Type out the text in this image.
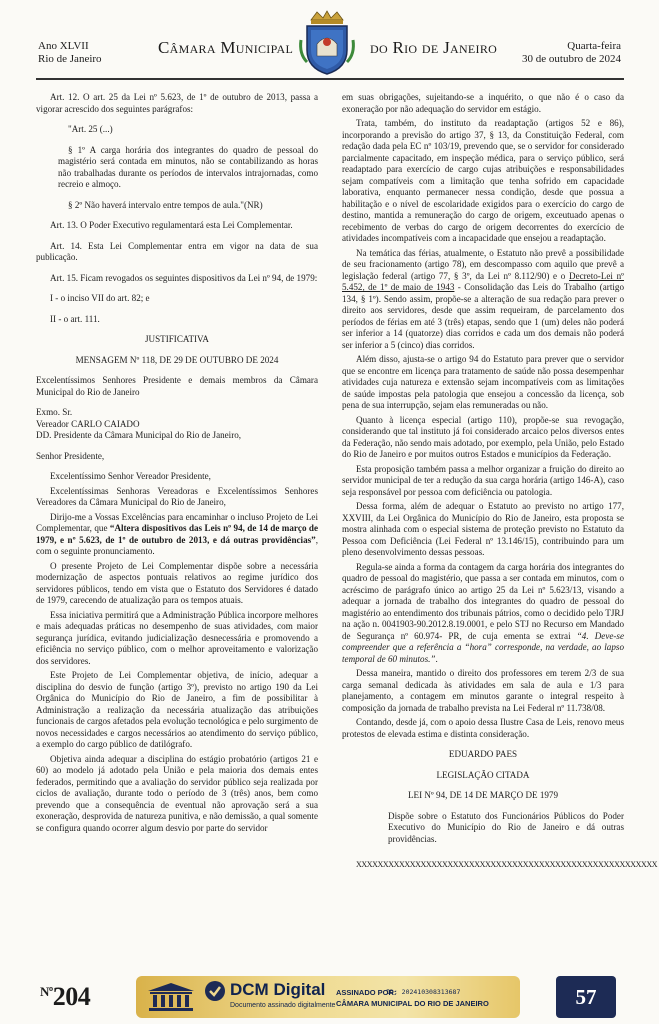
Ano XLVII
Rio de Janeiro
Câmara Municipal	do Rio de Janeiro	Quarta-feira
30 de outubro de 2024

Art. 12. O art. 25 da Lei nº 5.623, de 1º de outubro de 2013, passa a vigorar acrescido dos seguintes parágrafos:

"Art. 25 (...)

§ 1º A carga horária dos integrantes do quadro de pessoal do magistério será contada em minutos, não se contabilizando as horas não trabalhadas durante os períodos de intervalos intrajornadas, como recreio e almoço.

§ 2º Não haverá intervalo entre tempos de aula."(NR)

Art. 13. O Poder Executivo regulamentará esta Lei Complementar.

Art. 14. Esta Lei Complementar entra em vigor na data de sua publicação.

Art. 15. Ficam revogados os seguintes dispositivos da Lei nº 94, de 1979:

I - o inciso VII do art. 82; e

II - o art. 111.

JUSTIFICATIVA

MENSAGEM Nº 118, DE 29 DE OUTUBRO DE 2024

Excelentíssimos Senhores Presidente e demais membros da Câmara Municipal do Rio de Janeiro

Exmo. Sr.

Vereador CARLO CAIADO

DD. Presidente da Câmara Municipal do Rio de Janeiro,

Senhor Presidente,

Excelentíssimo Senhor Vereador Presidente,

Excelentíssimas Senhoras Vereadoras e Excelentíssimos Senhores Vereadores da Câmara Municipal do Rio de Janeiro,

Dirijo-me a Vossas Excelências para encaminhar o incluso Projeto de Lei Complementar, que “Altera dispositivos das Leis nº 94, de 14 de março de 1979, e nº 5.623, de 1º de outubro de 2013, e dá outras providências”, com o seguinte pronunciamento.

O presente Projeto de Lei Complementar dispõe sobre a necessária modernização de aspectos pontuais relativos ao regime jurídico dos servidores públicos, tendo em vista que o Estatuto dos Servidores é datado de 1979, carecendo de atualização para os tempos atuais.

Essa iniciativa permitirá que a Administração Pública incorpore melhores e mais adequadas práticas no desempenho de suas atividades, com maior segurança jurídica, evitando judicialização desnecessária e promovendo a eficiência no serviço público, com o melhor aproveitamento e valorização dos servidores.

Este Projeto de Lei Complementar objetiva, de início, adequar a disciplina do desvio de função (artigo 3º), previsto no artigo 190 da Lei Orgânica do Município do Rio de Janeiro, a fim de possibilitar à Administração a realização da necessária atualização das atribuições funcionais de cargos afetados pela evolução tecnológica e pelo surgimento de novos necessidades e cargos necessários ao atendimento do serviço público, a exemplo do cargo público de datilógrafo.

Objetiva ainda adequar a disciplina do estágio probatório (artigos 21 e 60) ao modelo já adotado pela União e pela maioria dos demais entes federados, permitindo que a avaliação do servidor público seja realizada por ciclos de avaliação, durante todo o período de 3 (três) anos, bem como prevendo que a consequência de eventual não aprovação será a sua exoneração, desprovida de natureza punitiva, e não demissão, a qual somente se configura quando ocorrer algum desvio por parte do servidor

em suas obrigações, sujeitando-se a inquérito, o que não é o caso da exoneração por não adequação do servidor em estágio.

Trata, também, do instituto da readaptação (artigos 52 e 86), incorporando a previsão do artigo 37, § 13, da Constituição Federal, com redação dada pela EC nº 103/19, prevendo que, se o servidor for considerado parcialmente capacitado, em inspeção médica, para o serviço público, será readaptado para exercício de cargo cujas atribuições e responsabilidades sejam compatíveis com a limitação que tenha sofrido em capacidade laborativa, enquanto permanecer nessa condição, desde que possua a habilitação e o nível de escolaridade exigidos para o exercício do cargo de destino, mantida a remuneração do cargo de origem, exceutuado apenas o recebimento de verbas do cargo de origem decorrentes do exercício de atividades incompatíveis com a incapacidade que ensejou a readaptação.

Na temática das férias, atualmente, o Estatuto não prevê a possibilidade de seu fracionamento (artigo 78), em descompasso com aquilo que prevê a legislação federal (artigo 77, § 3º, da Lei nº 8.112/90) e o Decreto-Lei nº 5.452, de 1º de maio de 1943 - Consolidação das Leis do Trabalho (artigo 134, § 1º). Sendo assim, propõe-se a alteração de sua redação para prever o direito aos servidores, desde que assim requeiram, de parcelamento dos períodos de férias em até 3 (três) etapas, sendo que 1 (um) deles não poderá ser inferior a 14 (quatorze) dias corridos e cada um dos demais não poderá ser inferior a 5 (cinco) dias corridos.

Além disso, ajusta-se o artigo 94 do Estatuto para prever que o servidor que se encontre em licença para tratamento de saúde não possa desempenhar atividades cuja natureza e extensão sejam incompatíveis com as limitações de saúde impostas pela patologia que ensejou a concessão da licença, sob pena de sua interrupção, sejam elas remuneradas ou não.

Quanto à licença especial (artigo 110), propõe-se sua revogação, considerando que tal instituto já foi considerado arcaico pelos diversos entes da Federação, não sendo mais adotado, por exemplo, pela União, pelo Estado do Rio de Janeiro e por muitos outros Estados e municípios da Federação.

Esta proposição também passa a melhor organizar a fruição do direito ao servidor municipal de ter a redução da sua carga horária (artigo 146-A), caso seja responsável por pessoa com deficiência ou patologia.

Dessa forma, além de adequar o Estatuto ao previsto no artigo 177, XXVIII, da Lei Orgânica do Município do Rio de Janeiro, esta proposta se mostra alinhada com o especial sistema de proteção previsto no Estatuto da Pessoa com Deficiência (Lei Federal nº 13.146/15), contribuindo para um pleno desenvolvimento dessas pessoas.

Regula-se ainda a forma da contagem da carga horária dos integrantes do quadro de pessoal do magistério, que passa a ser contada em minutos, com o acréscimo de parágrafo único ao artigo 25 da Lei nº 5.623/13, visando a adequar a jornada de trabalho dos integrantes do quadro de pessoal do magistério ao entendimento dos tribunais pátrios, como o decidido pelo TJRJ na ação n. 0041903-90.2012.8.19.0001, e pelo STJ no Recurso em Mandado de Segurança nº 60.974- PR, de cuja ementa se extrai “4. Deve-se compreender que a referência a “hora” corresponde, na verdade, ao lapso temporal de 60 minutos.”.

Dessa maneira, mantido o direito dos professores em terem 2/3 de sua carga semanal dedicada às atividades em sala de aula e 1/3 para planejamento, a contagem em minutos garante o integral respeito à composição da jornada de trabalho prevista na Lei Federal nº 11.738/08.

Contando, desde já, com o apoio dessa Ilustre Casa de Leis, renovo meus protestos de elevada estima e distinta consideração.

EDUARDO PAES

LEGISLAÇÃO CITADA

LEI Nº 94, DE 14 DE MARÇO DE 1979

Dispõe sobre o Estatuto dos Funcionários Públicos do Poder Executivo do Município do Rio de Janeiro e dá outras providências.

XXXXXXXXXXXXXXXXXXXXXXXXXXXXXXXXXXXXXXXXXXXXXXXXXXXXXXXX

$^{Nº}$204	DCM Digital
Documento assinado digitalmente
ASSINADO POR:
ID: 202410308313687
CÂMARA MUNICIPAL DO RIO DE JANEIRO	57
